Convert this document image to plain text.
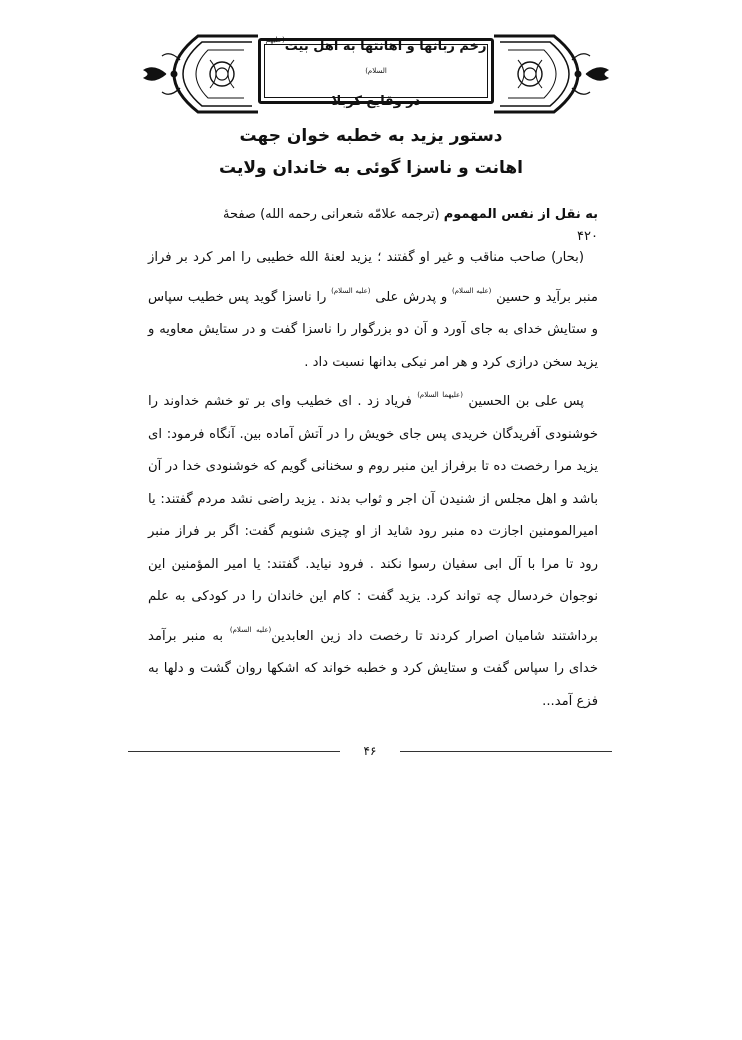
زخم زبانها و اهانتها به اهل بیت$^{(علیهم السلام)}$
در وقایع کربلا
دستور یزید به خطبه خوان جهت
اهانت و ناسزا گوئی به خاندان ولایت
به نقل از نفس المهموم (ترجمه علامّه شعرانی رحمه الله) صفحهٔ ۴۲۰

(بحار) صاحب مناقب و غیر او گفتند ؛ یزید لعنهٔ الله خطیبی را امر کرد بر فراز منبر برآید و حسین $^{(علیه السلام)}$ و پدرش علی $^{(علیه السلام)}$ را ناسزا گوید پس خطیب سپاس و ستایش خدای به جای آورد و آن دو بزرگوار را ناسزا گفت و در ستایش معاویه و یزید سخن درازی کرد و هر امر نیکی بدانها نسبت داد .

پس علی بن الحسین $^{(علیهما السلام)}$ فریاد زد . ای خطیب وای بر تو خشم خداوند را خوشنودی آفریدگان خریدی پس جای خویش را در آتش آماده بین. آنگاه فرمود: ای یزید مرا رخصت ده تا برفراز این منبر روم و سخنانی گویم که خوشنودی خدا در آن باشد و اهل مجلس از شنیدن آن اجر و ثواب بدند . یزید راضی نشد مردم گفتند: یا امیرالمومنین اجازت ده منبر رود شاید از او چیزی شنویم گفت: اگر بر فراز منبر رود تا مرا با آل ابی سفیان رسوا نکند . فرود نیاید. گفتند: یا امیر المؤمنین این نوجوان خردسال چه تواند کرد. یزید گفت : کام این خاندان را در کودکی به علم برداشتند شامیان اصرار کردند تا رخصت داد زین العابدین$^{(علیه السلام)}$ به منبر برآمد خدای را سپاس گفت و ستایش کرد و خطبه خواند که اشکها روان گشت و دلها به فزع آمد...

۴۶
